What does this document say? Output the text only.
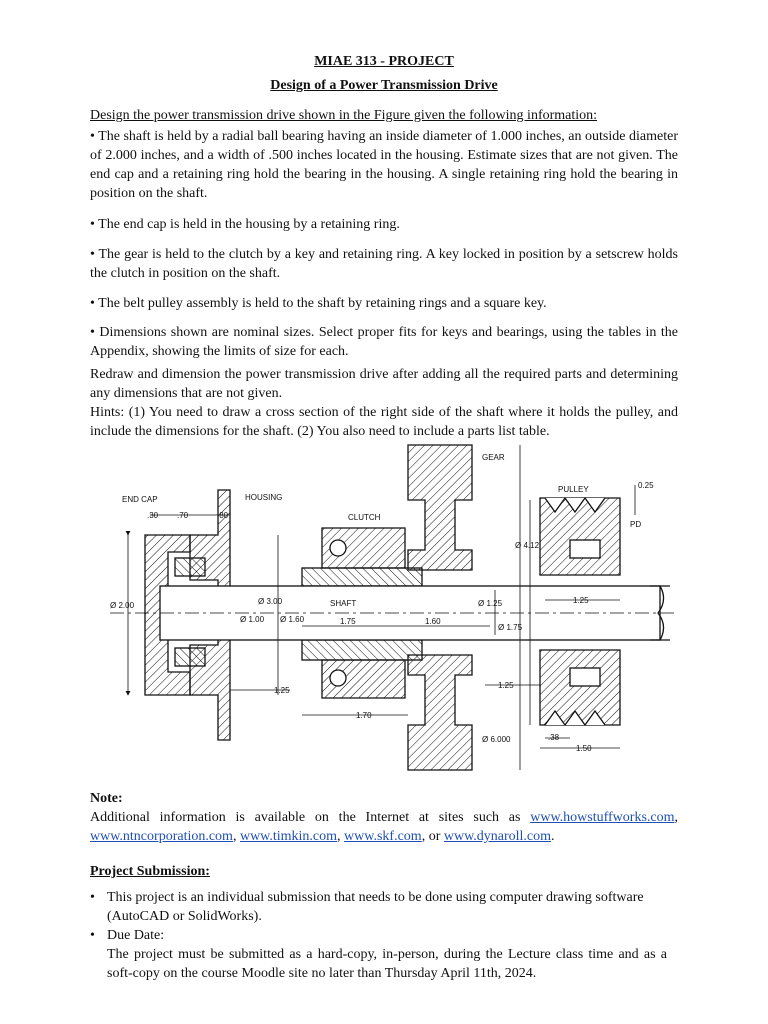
MIAE 313 - PROJECT
Design of a Power Transmission Drive
Design the power transmission drive shown in the Figure given the following information:
• The shaft is held by a radial ball bearing having an inside diameter of 1.000 inches, an outside diameter of 2.000 inches, and a width of .500 inches located in the housing. Estimate sizes that are not given. The end cap and a retaining ring hold the bearing in the housing. A single retaining ring hold the bearing in position on the shaft.
• The end cap is held in the housing by a retaining ring.
• The gear is held to the clutch by a key and retaining ring. A key locked in position by a setscrew holds the clutch in position on the shaft.
• The belt pulley assembly is held to the shaft by retaining rings and a square key.
• Dimensions shown are nominal sizes. Select proper fits for keys and bearings, using the tables in the Appendix, showing the limits of size for each.
Redraw and dimension the power transmission drive after adding all the required parts and determining any dimensions that are not given.
Hints: (1) You need to draw a cross section of the right side of the shaft where it holds the pulley, and include the dimensions for the shaft. (2) You also need to include a parts list table.
END CAP	HOUSING
CLUTCH
GEAR
PULLEY
SHAFT
PD
.30 .70	.80
0.25
Ø 2.00	Ø 3.00
Ø 1.00 Ø 1.60
Ø 1.25
Ø 1.75
Ø 4.12
Ø 6.000
1.75	1.60
1.25
1.25
1.25
1.70
.38
1.50
Note:
Additional information is available on the Internet at sites such as www.howstuffworks.com, www.ntncorporation.com, www.timkin.com, www.skf.com, or www.dynaroll.com.
Project Submission:
• This project is an individual submission that needs to be done using computer drawing software (AutoCAD or SolidWorks).
• Due Date:
The project must be submitted as a hard-copy, in-person, during the Lecture class time and as a soft-copy on the course Moodle site no later than Thursday April 11th, 2024.
